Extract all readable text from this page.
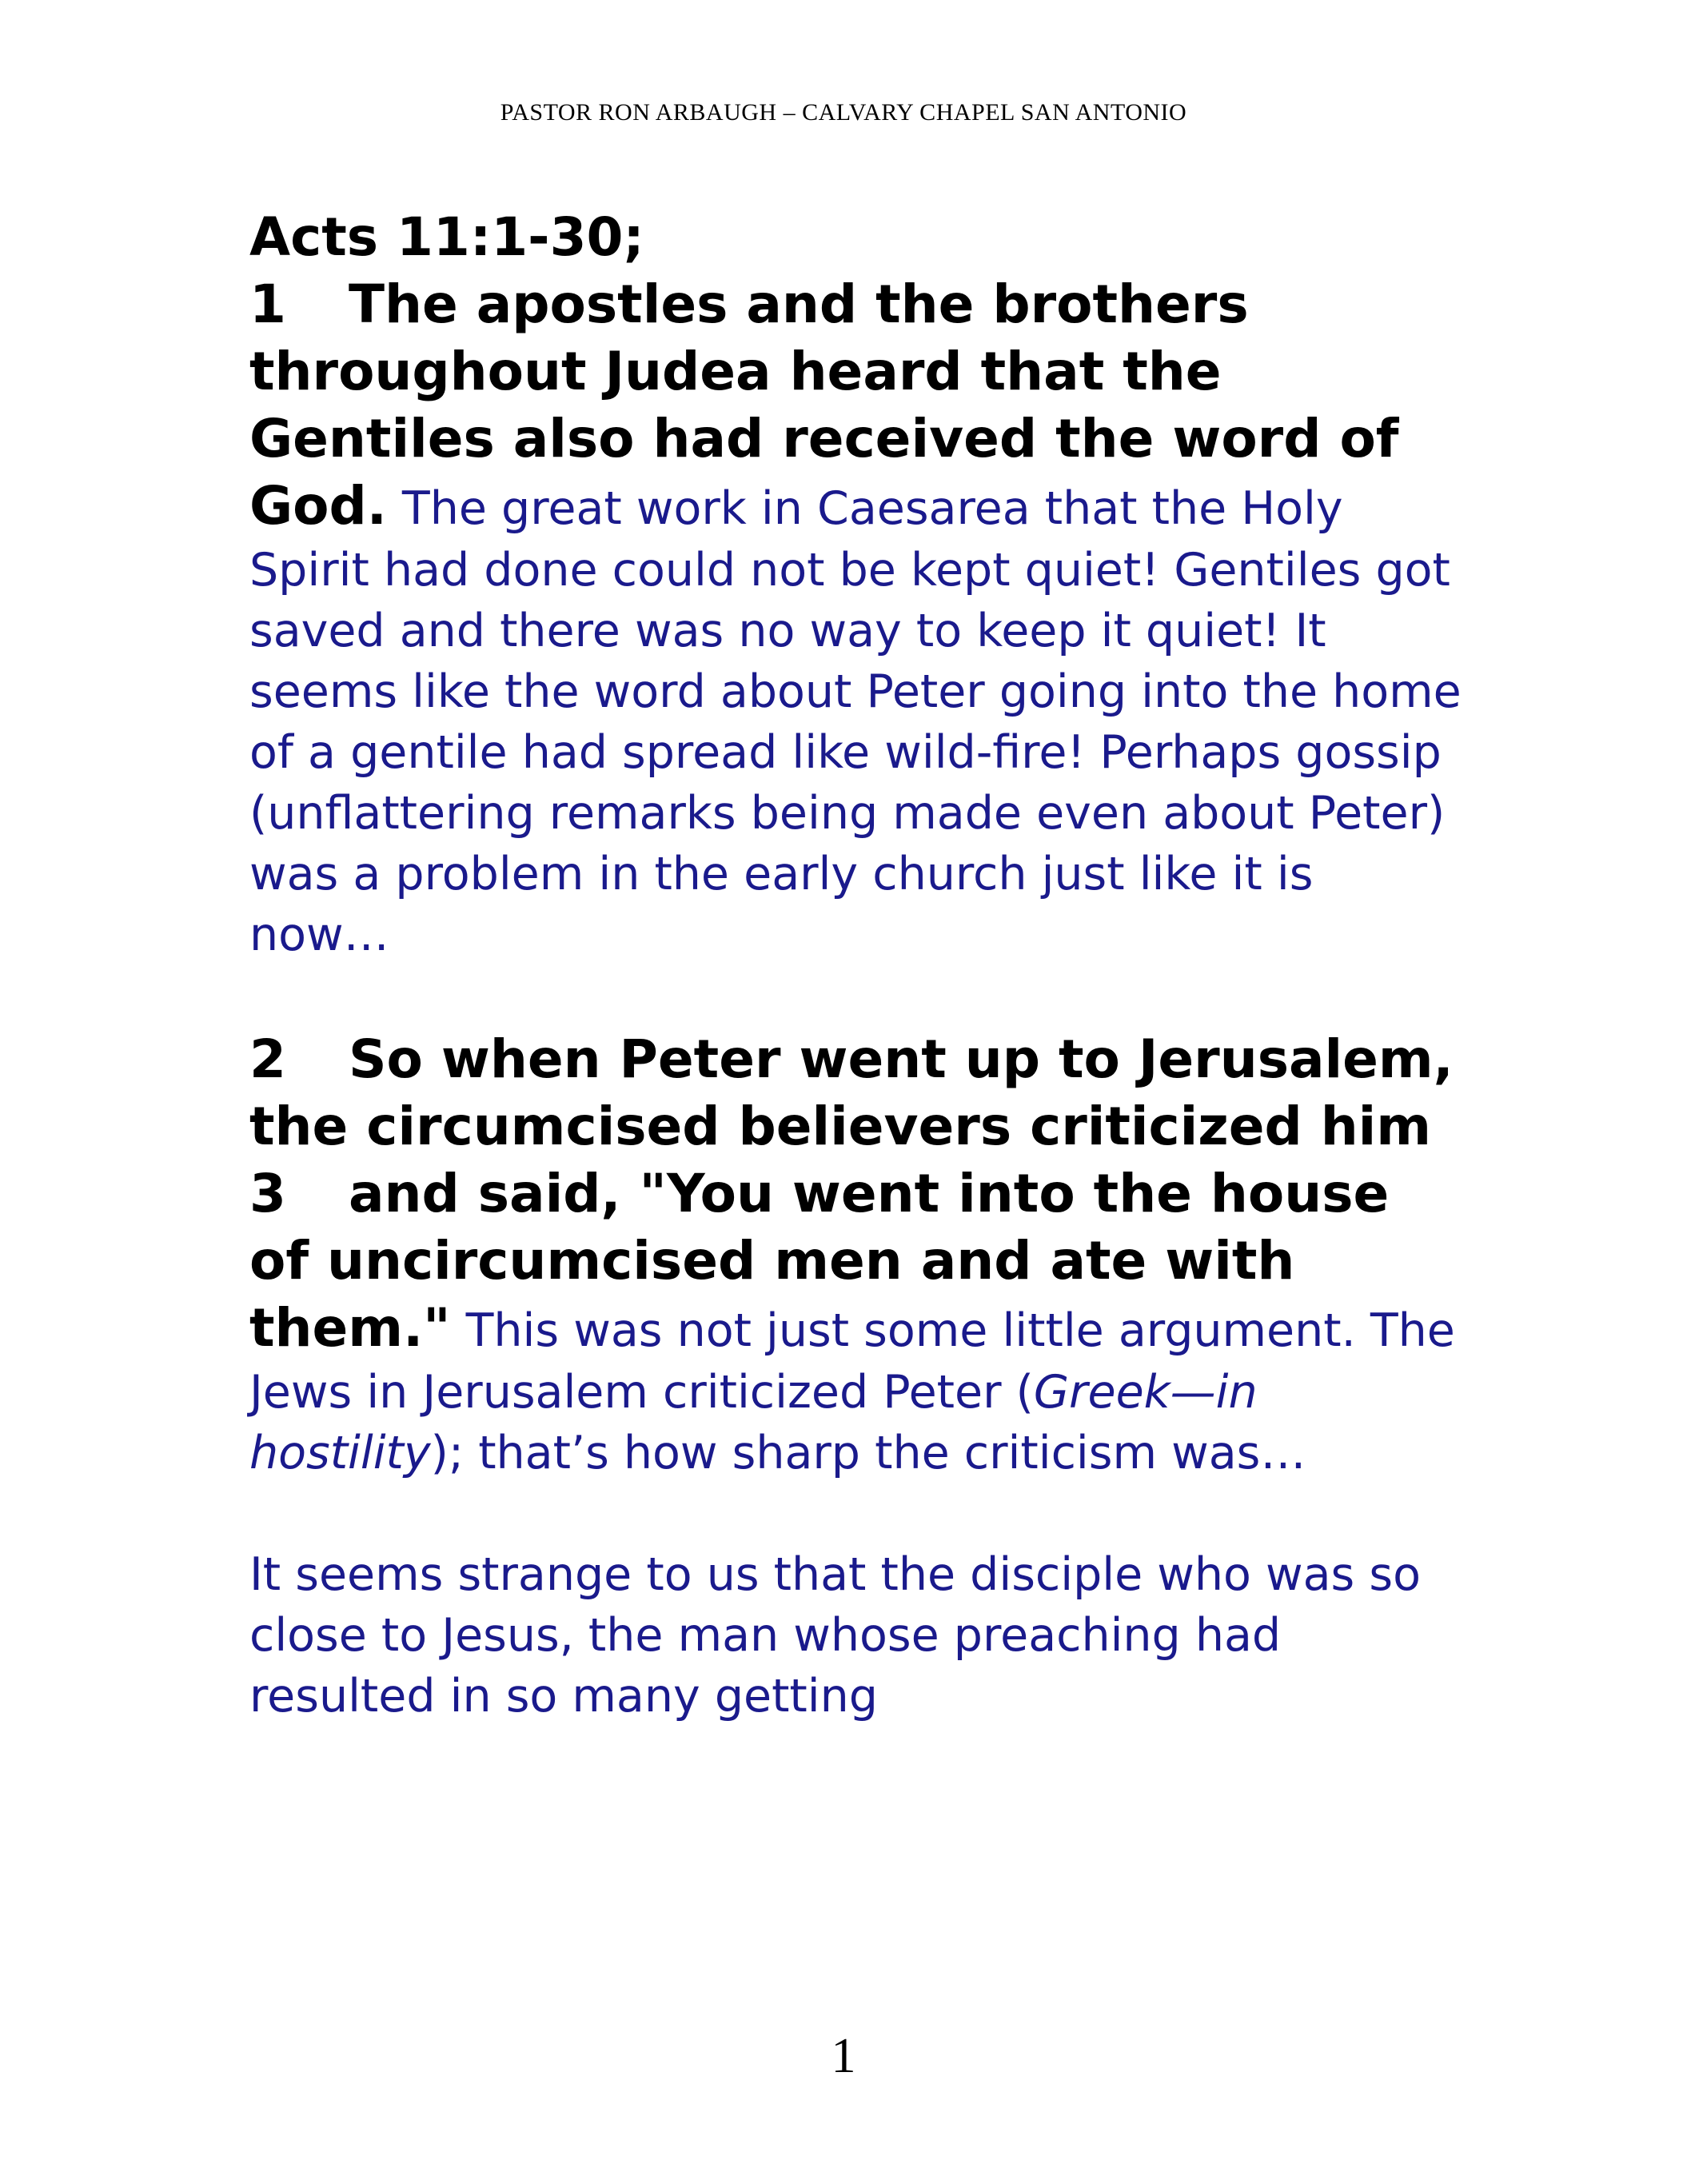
PASTOR RON ARBAUGH – CALVARY CHAPEL SAN ANTONIO

Acts 11:1-30;

1 The apostles and the brothers throughout Judea heard that the Gentiles also had received the word of God. The great work in Caesarea that the Holy Spirit had done could not be kept quiet! Gentiles got saved and there was no way to keep it quiet! It seems like the word about Peter going into the home of a gentile had spread like wild-fire! Perhaps gossip (unflattering remarks being made even about Peter) was a problem in the early church just like it is now…

2 So when Peter went up to Jerusalem, the circumcised believers criticized him

3 and said, "You went into the house of uncircumcised men and ate with them." This was not just some little argument. The Jews in Jerusalem criticized Peter (Greek—in hostility); that’s how sharp the criticism was…

It seems strange to us that the disciple who was so close to Jesus, the man whose preaching had resulted in so many getting

1
